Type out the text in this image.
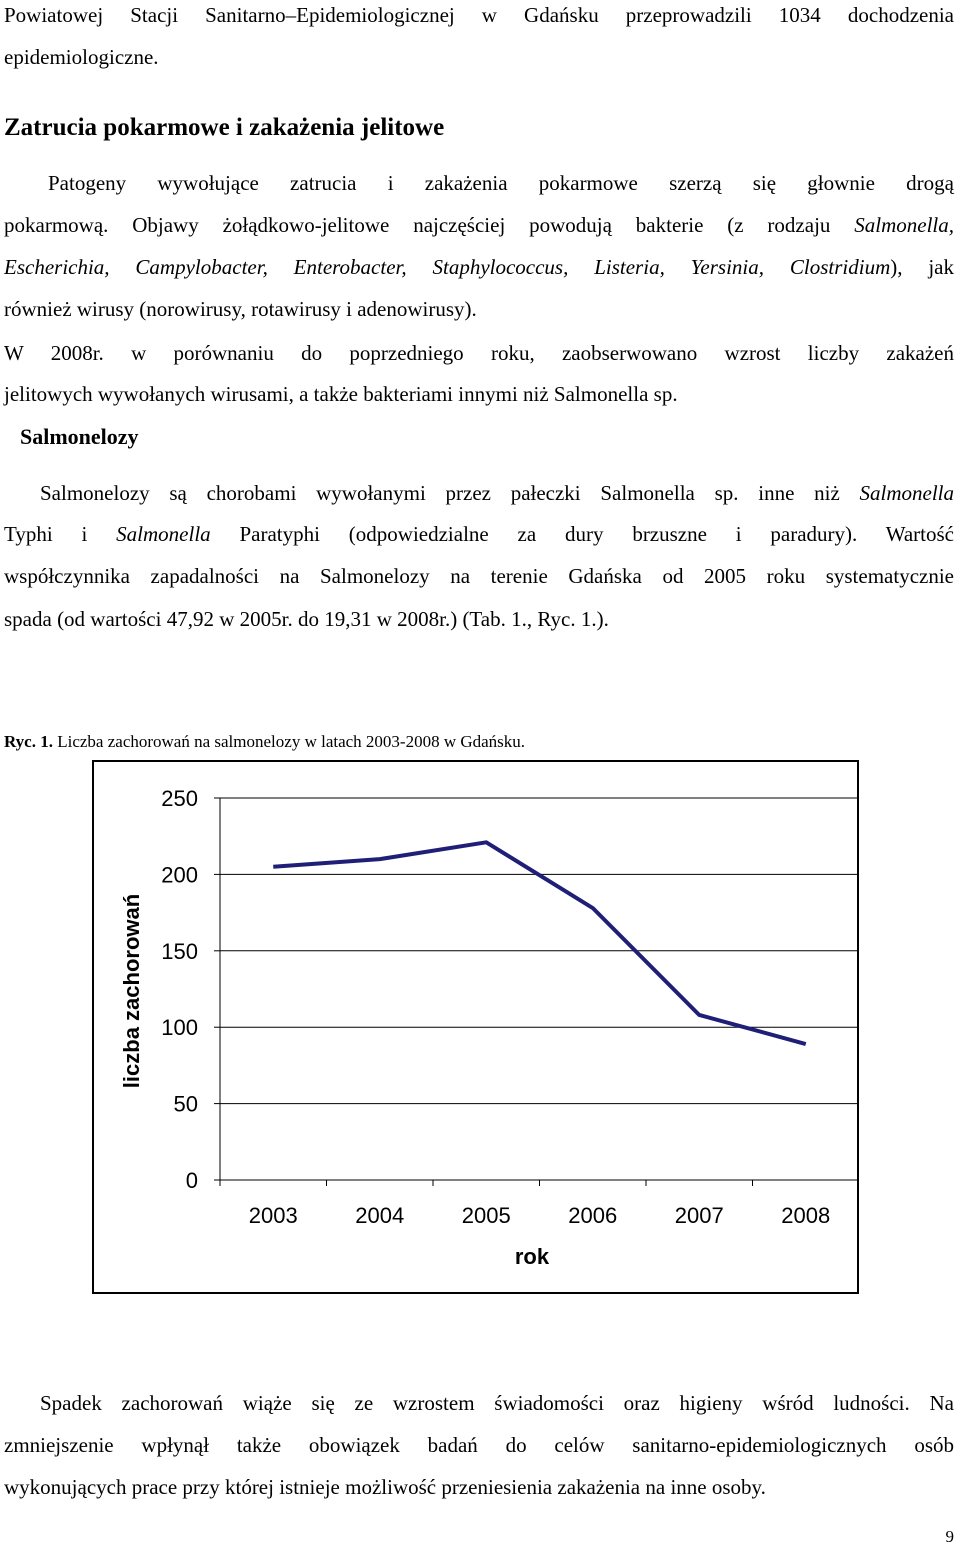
Powiatowej Stacji Sanitarno–Epidemiologicznej w Gdańsku przeprowadzili 1034 dochodzenia
epidemiologiczne.
Zatrucia pokarmowe i zakażenia jelitowe
Patogeny wywołujące zatrucia i zakażenia pokarmowe szerzą się głownie drogą
pokarmową. Objawy żołądkowo-jelitowe najczęściej powodują bakterie (z rodzaju Salmonella,
Escherichia, Campylobacter, Enterobacter, Staphylococcus, Listeria, Yersinia, Clostridium), jak
również wirusy (norowirusy, rotawirusy i adenowirusy).
W 2008r. w porównaniu do poprzedniego roku, zaobserwowano wzrost liczby zakażeń
jelitowych wywołanych wirusami, a także bakteriami innymi niż Salmonella sp.
Salmonelozy
Salmonelozy są chorobami wywołanymi przez pałeczki Salmonella sp. inne niż Salmonella
Typhi i Salmonella Paratyphi (odpowiedzialne za dury brzuszne i paradury). Wartość
współczynnika zapadalności na Salmonelozy na terenie Gdańska od 2005 roku systematycznie
spada (od wartości 47,92 w 2005r. do 19,31 w 2008r.) (Tab. 1., Ryc. 1.).
Ryc. 1. Liczba zachorowań na salmonelozy w latach 2003-2008 w Gdańsku.
0
50
100
150
200
250
2003	2004	2005	2006	2007	2008
liczba zachorowań
rok
Spadek zachorowań wiąże się ze wzrostem świadomości oraz higieny wśród ludności. Na
zmniejszenie wpłynął także obowiązek badań do celów sanitarno-epidemiologicznych osób
wykonujących prace przy której istnieje możliwość przeniesienia zakażenia na inne osoby.
9
